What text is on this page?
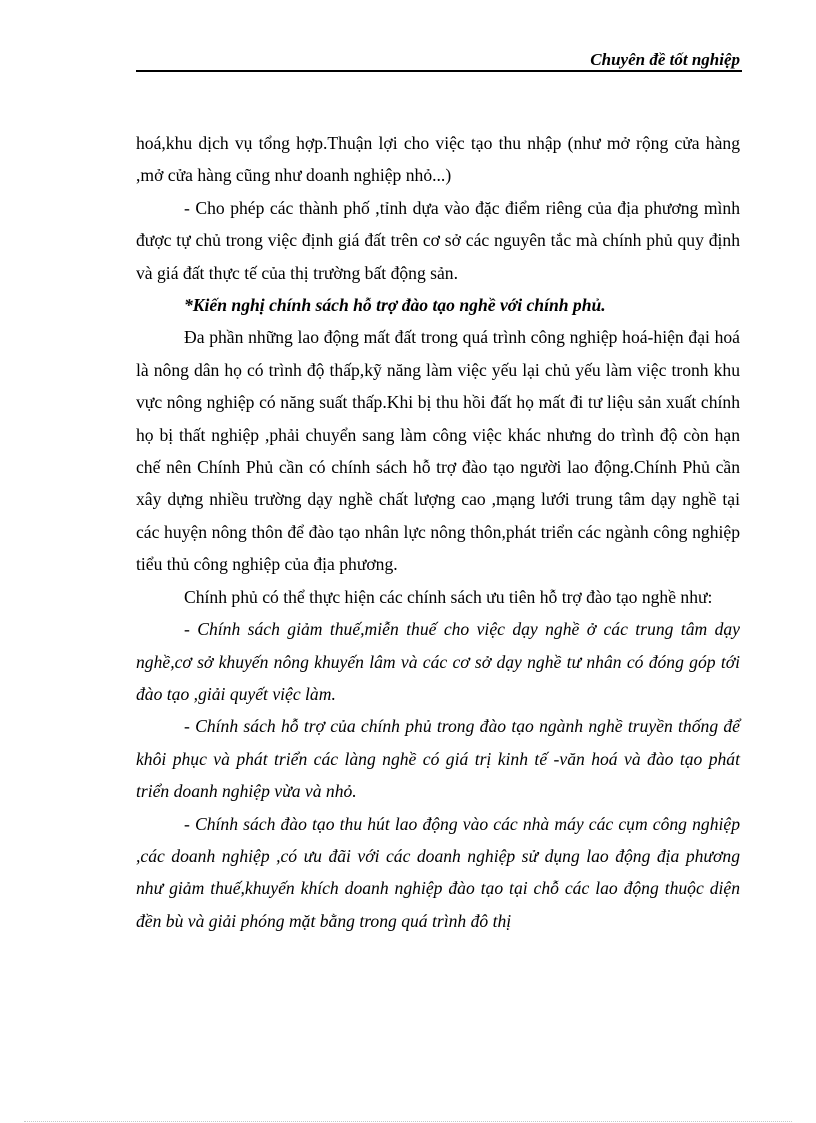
Chuyên đề tốt nghiệp

hoá,khu dịch vụ tổng hợp.Thuận lợi cho việc tạo thu nhập (như mở rộng cửa hàng ,mở cửa hàng cũng như doanh nghiệp nhỏ...)

- Cho phép các thành phố ,tỉnh dựa vào đặc điểm riêng của địa phương mình được tự chủ trong việc định giá đất trên cơ sở các nguyên tắc mà chính phủ quy định và giá đất thực tế của thị trường bất động sản.

*Kiến nghị chính sách hỗ trợ đào tạo nghề với chính phủ.

Đa phần những lao động mất đất trong quá trình công nghiệp hoá-hiện đại hoá là nông dân họ có trình độ thấp,kỹ năng làm việc yếu lại chủ yếu làm việc tronh khu vực nông nghiệp có năng suất thấp.Khi bị thu hồi đất họ mất đi tư liệu sản xuất chính họ bị thất nghiệp ,phải chuyển sang làm công việc khác nhưng do trình độ còn hạn chế nên Chính Phủ cần có chính sách hỗ trợ đào tạo người lao động.Chính Phủ cần xây dựng nhiều trường dạy nghề chất lượng cao ,mạng lưới trung tâm dạy nghề tại các huyện nông thôn để đào tạo nhân lực nông thôn,phát triển các ngành công nghiệp tiểu thủ công nghiệp của địa phương.

Chính phủ có thể thực hiện các chính sách ưu tiên hỗ trợ đào tạo nghề như:

- Chính sách giảm thuế,miễn thuế cho việc dạy nghề ở các trung tâm dạy nghề,cơ sở khuyến nông khuyến lâm và các cơ sở dạy nghề tư nhân có đóng góp tới đào tạo ,giải quyết việc làm.

- Chính sách hỗ trợ của chính phủ trong đào tạo ngành nghề truyền thống để khôi phục và phát triển các làng nghề có giá trị kinh tế -văn hoá và đào tạo phát triển doanh nghiệp vừa và nhỏ.

- Chính sách đào tạo thu hút lao động vào các nhà máy các cụm công nghiệp ,các doanh nghiệp ,có ưu đãi với các doanh nghiệp sử dụng lao động địa phương như giảm thuế,khuyến khích doanh nghiệp đào tạo tại chỗ các lao động thuộc diện đền bù và giải phóng mặt bằng trong quá trình đô thị
